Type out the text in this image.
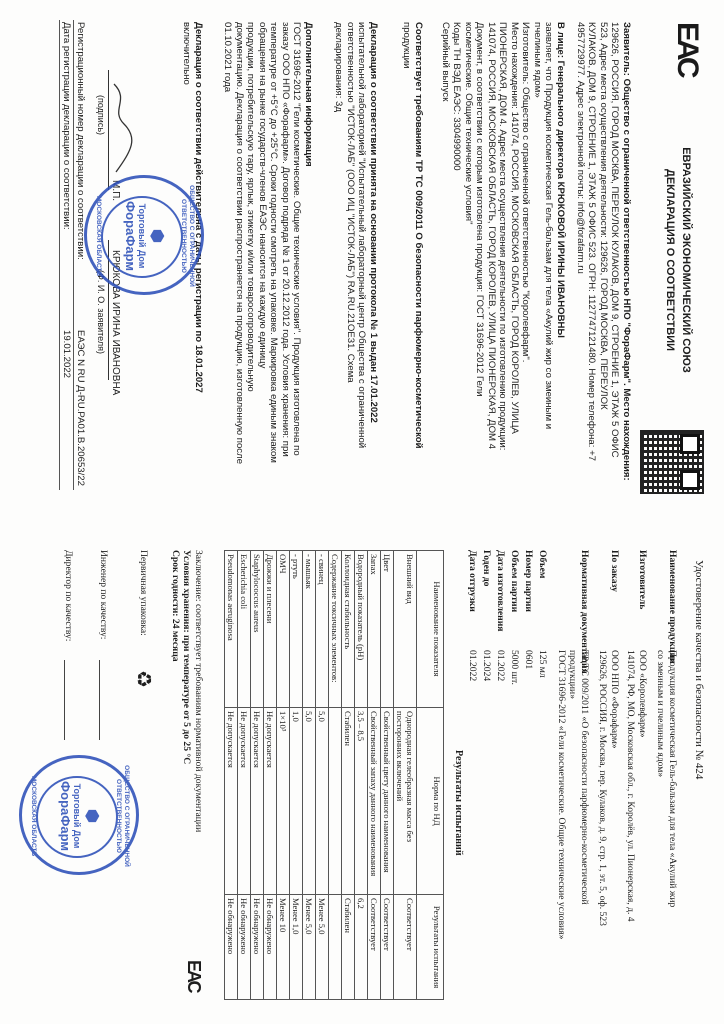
ЕАС
ЕВРАЗИЙСКИЙ ЭКОНОМИЧЕСКИЙ СОЮЗ
ДЕКЛАРАЦИЯ О СООТВЕТСТВИИ
Заявитель: Общество с ограниченной ответственностью НПО "ФорaФарм". Место нахождения:
129626, РОССИЯ, ГОРОД МОСКВА, ПЕРЕУЛОК КУЛАКОВ, ДОМ 9, СТРОЕНИЕ 1, ЭТАЖ 5 ОФИС
523, Адрес места осуществления деятельности: 129626, ГОРОД МОСКВА, ПЕРЕУЛОК
КУЛАКОВ, ДОМ 9, СТРОЕНИЕ 1, ЭТАЖ 5 ОФИС 523. ОГРН: 1127747121480. Номер телефона: +7
4957729977. Адрес электронной почты: info@forafarm.ru
В лице: Генерального директора КРЮКОВОЙ ИРИНЫ ИВАНОВНЫ
заявляет, что Продукция косметическая Гель-бальзам для тела «Акулий жир со змеиным и
пчелиным ядом»
Изготовитель: Общество с ограниченной ответственностью "Королевфарм".
Место нахождения: 141074, РОССИЯ, МОСКОВСКАЯ ОБЛАСТЬ, ГОРОД КОРОЛЕВ, УЛИЦА
ПИОНЕРСКАЯ, ДОМ 4. Адрес места осуществления деятельности по изготовлению продукции:
141074, РОССИЯ, МОСКОВСКАЯ ОБЛАСТЬ, ГОРОД КОРОЛЕВ, УЛИЦА ПИОНЕРСКАЯ, ДОМ 4
Документ, в соответствии с которым изготовлена продукция: ГОСТ 31696-2012 Гели
косметические. Общие технические условия"
Коды ТН ВЭД ЕАЭС: 3304990000
Серийный выпуск
Соответствует требованиям ТР ТС 009/2011 О безопасности парфюмерно-косметической
продукции
Декларация о соответствии принята на основании протокола № 1 выдан 17.01.2022
испытательной лабораторией "Испытательный лабораторный центр Общества с ограниченной
ответственностью "ИСТОК-ЛАБ" (ООО ИЦ "ИСТОК-ЛАБ") RA.RU.21OE31. Схема
декларирования: 3д
Дополнительная информация
ГОСТ 31696-2012 "Гели косметические. Общие технические условия". Продукция изготовлена по
заказу ООО НПО «Форафарм». Договор подряда № 1 от 20.12.2012 года. Условия хранения: при
температуре от +5°С до +25°С. Сроки годности смотреть на упаковке. Маркировка единым знаком
обращения на рынке государств-членов ЕАЭС наносится на каждую единицу
продукции, потребительскую тару, ярлык, этикетку и/или товаросопроводительную
документацию. Декларация о соответствии распространяется на продукцию, изготовленную после
01.10.2021 года
Декларация о соответствии действительна с даты регистрации по 18.01.2027
включительно
(подпись)
М.П.
КРЮКОВА ИРИНА ИВАНОВНА
(Ф. И. О. заявителя)
Регистрационный номер декларации о соответствии:
ЕАЭС N RU Д-RU.РА01.В.20653/22
Дата регистрации декларации о соответствии:
19.01.2022
ОБЩЕСТВО С ОГРАНИЧЕННОЙ ОТВЕТСТВЕННОСТЬЮ
⬢
Торговый Дом
ФораФарм
МОСКОВСКАЯ ОБЛАСТЬ
Удостоверение качества и безопасности № 424
Наименование продукции
Продукция косметическая Гель-бальзам для тела «Акулий жир
со змеиным и пчелиным ядом»
Изготовитель
ООО «Королевфарм»
141074, РФ, МО, Московская обл., г. Королёв, ул. Пионерская, д. 4
По заказу
ООО НПО «Форафарм»
129626, РОССИЯ, г. Москва, пер. Кулаков, д. 9, стр. 1, эт. 5, оф. 523
Нормативная документация
ТР ТС 009/2011 «О безопасности парфюмерно-косметической
продукции»
ГОСТ 31696-2012 «Гели косметические. Общие технические условия»
Объем
125 мл
Номер партии
0601
Объем партии
5000 шт.
Дата изготовления
01.2022
Годен до
01.2024
Дата отгрузки
01.2022
Результаты испытаний
Наименование показателя	Норма по НД	Результаты испытания
Внешний вид	Однородная гелеобразная масса без посторонних включений	Соответствует
Цвет	Свойственный цвету данного наименования	Соответствует
Запах	Свойственный запаху данного наименования	Соответствует
Водородный показатель (pH)	3,5 – 8,5	6,2
Коллоидная стабильность	Стабилен	Стабилен
Содержание токсичных элементов:		
- свинец	5,0	Менее 5,0
- мышьяк	5,0	Менее 5,0
- ртуть	1,0	Менее 1,0
ОМЧ	1×10³	Менее 10
Дрожжи и плесени	Не допускается	Не обнаружено
Staphylococcus aureus	Не допускается	Не обнаружено
Escherichia coli	Не допускается	Не обнаружено
Pseudomonas aeruginosa	Не допускается	Не обнаружено
Заключение: соответствует требованиям нормативной документации
Условия хранения: при температуре от 5 до 25 °С
Срок годности: 24 месяца
ЕАС
Первичная упаковка:
♻
Инженер по качеству:
Директор по качеству:
ОБЩЕСТВО С ОГРАНИЧЕННОЙ ОТВЕТСТВЕННОСТЬЮ
⬢
Торговый Дом
ФораФарм
МОСКОВСКАЯ ОБЛАСТЬ
